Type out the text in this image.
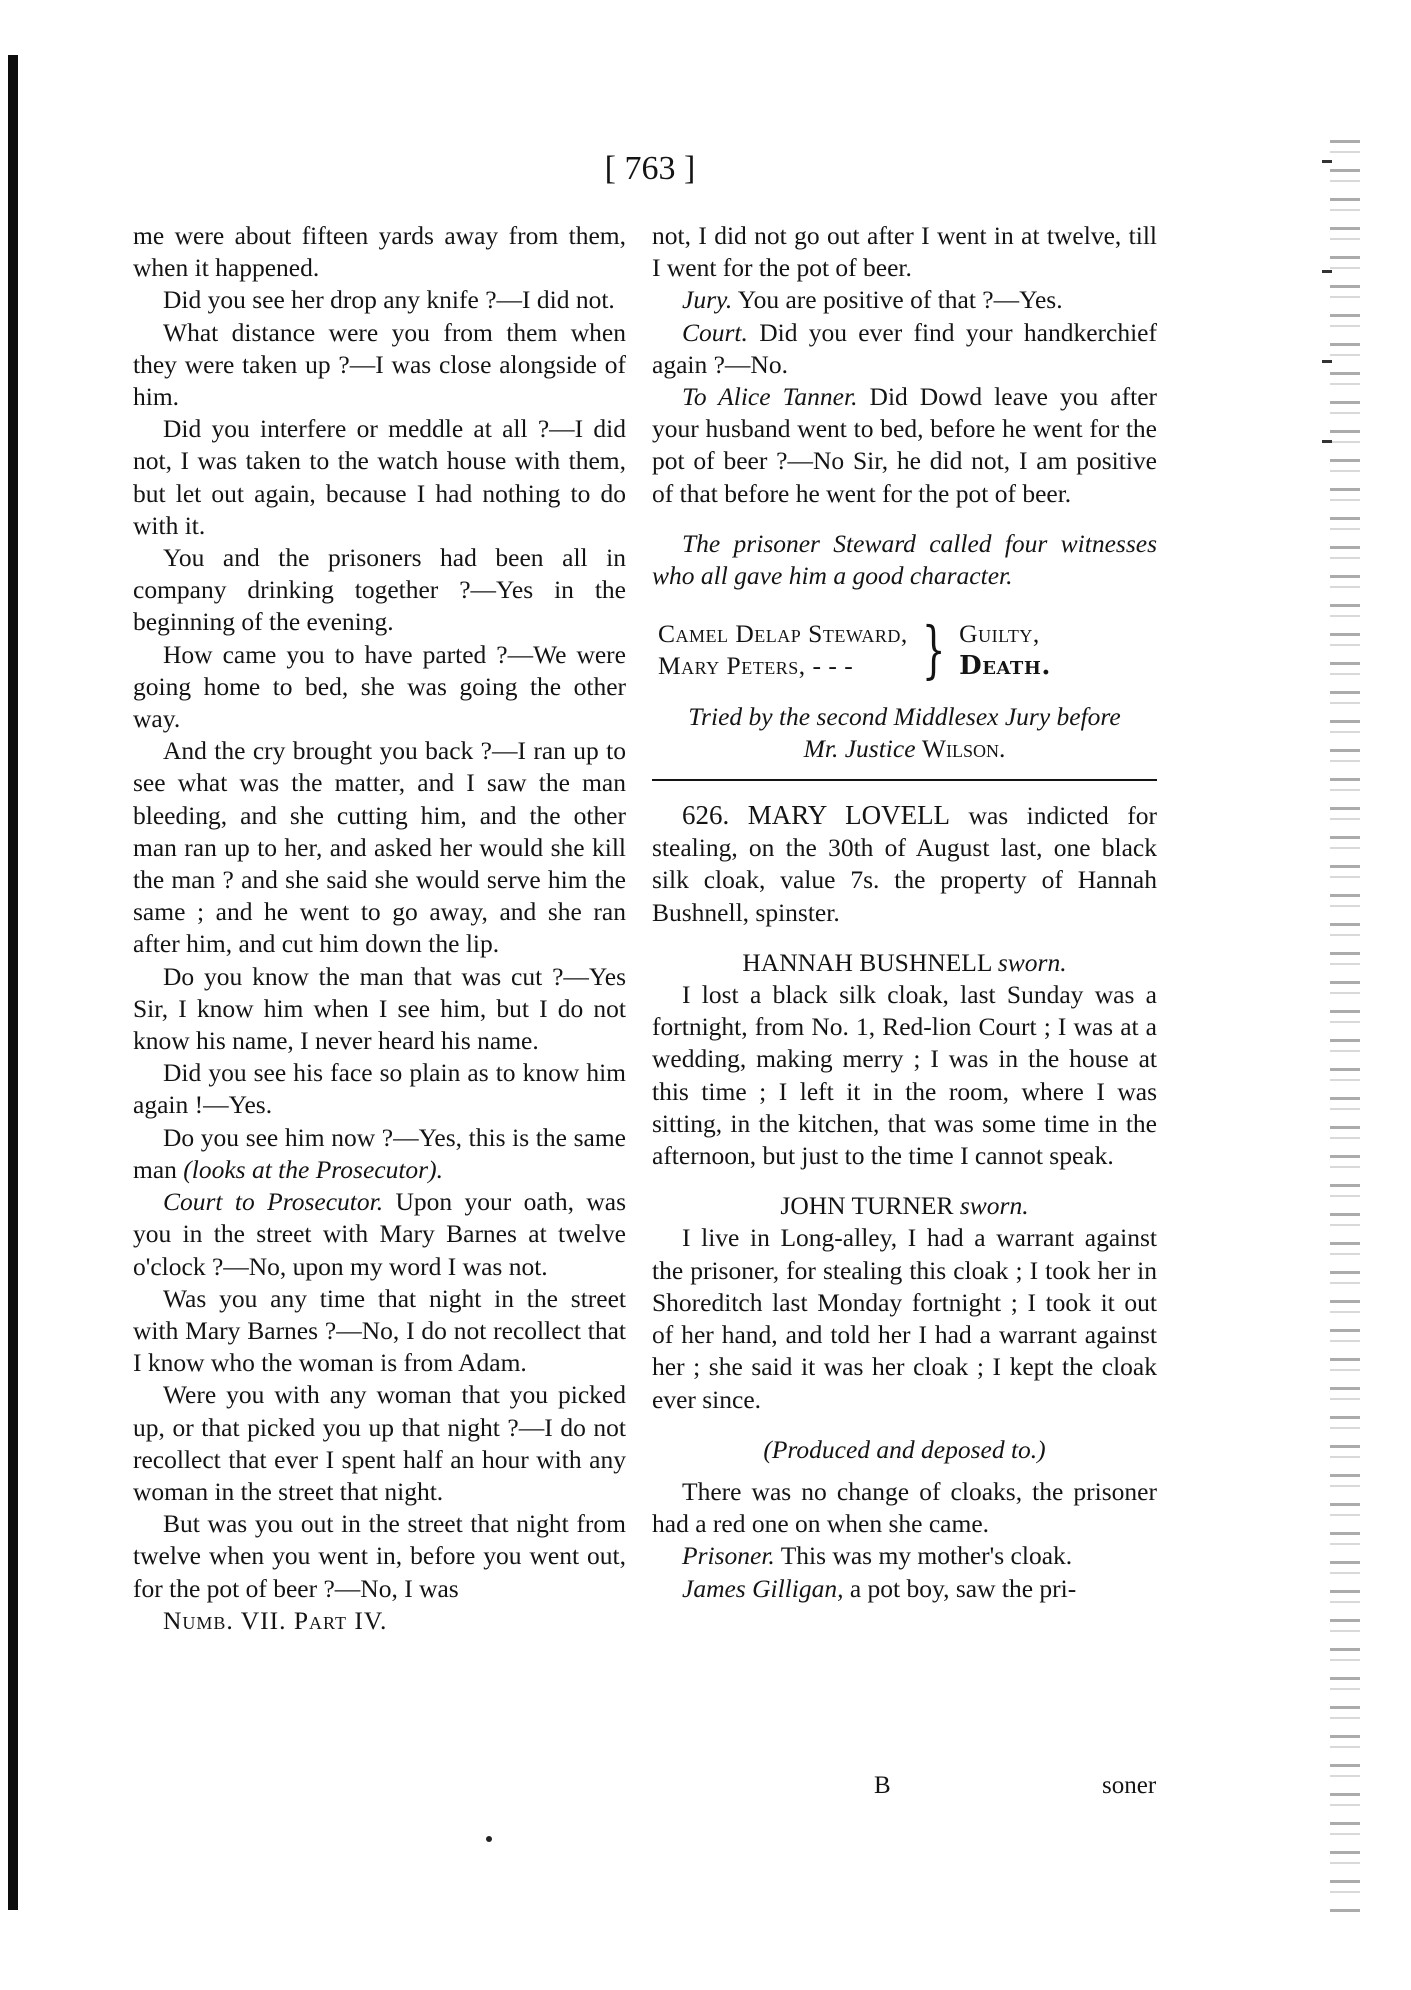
[ 763 ]

me were about fifteen yards away from them, when it happened.

Did you see her drop any knife ?—I did not.

What distance were you from them when they were taken up ?—I was close alongside of him.

Did you interfere or meddle at all ?—I did not, I was taken to the watch house with them, but let out again, because I had nothing to do with it.

You and the prisoners had been all in company drinking together ?—Yes in the beginning of the evening.

How came you to have parted ?—We were going home to bed, she was going the other way.

And the cry brought you back ?—I ran up to see what was the matter, and I saw the man bleeding, and she cutting him, and the other man ran up to her, and asked her would she kill the man ? and she said she would serve him the same ; and he went to go away, and she ran after him, and cut him down the lip.

Do you know the man that was cut ?—Yes Sir, I know him when I see him, but I do not know his name, I never heard his name.

Did you see his face so plain as to know him again !—Yes.

Do you see him now ?—Yes, this is the same man (looks at the Prosecutor).

Court to Prosecutor. Upon your oath, was you in the street with Mary Barnes at twelve o'clock ?—No, upon my word I was not.

Was you any time that night in the street with Mary Barnes ?—No, I do not recollect that I know who the woman is from Adam.

Were you with any woman that you picked up, or that picked you up that night ?—I do not recollect that ever I spent half an hour with any woman in the street that night.

But was you out in the street that night from twelve when you went in, before you went out, for the pot of beer ?—No, I was

Numb. VII. Part IV.

not, I did not go out after I went in at twelve, till I went for the pot of beer.

Jury. You are positive of that ?—Yes.

Court. Did you ever find your handkerchief again ?—No.

To Alice Tanner. Did Dowd leave you after your husband went to bed, before he went for the pot of beer ?—No Sir, he did not, I am positive of that before he went for the pot of beer.

The prisoner Steward called four witnesses who all gave him a good character.

Camel Delap Steward,
Mary Peters, - - -	} Guilty,
Death.

Tried by the second Middlesex Jury before

Mr. Justice Wilson.

626. MARY LOVELL was indicted for stealing, on the 30th of August last, one black silk cloak, value 7s. the property of Hannah Bushnell, spinster.

HANNAH BUSHNELL sworn.

I lost a black silk cloak, last Sunday was a fortnight, from No. 1, Red-lion Court ; I was at a wedding, making merry ; I was in the house at this time ; I left it in the room, where I was sitting, in the kitchen, that was some time in the afternoon, but just to the time I cannot speak.

JOHN TURNER sworn.

I live in Long-alley, I had a warrant against the prisoner, for stealing this cloak ; I took her in Shoreditch last Monday fortnight ; I took it out of her hand, and told her I had a warrant against her ; she said it was her cloak ; I kept the cloak ever since.

(Produced and deposed to.)

There was no change of cloaks, the prisoner had a red one on when she came.

Prisoner. This was my mother's cloak.

James Gilligan, a pot boy, saw the pri-

B	soner
